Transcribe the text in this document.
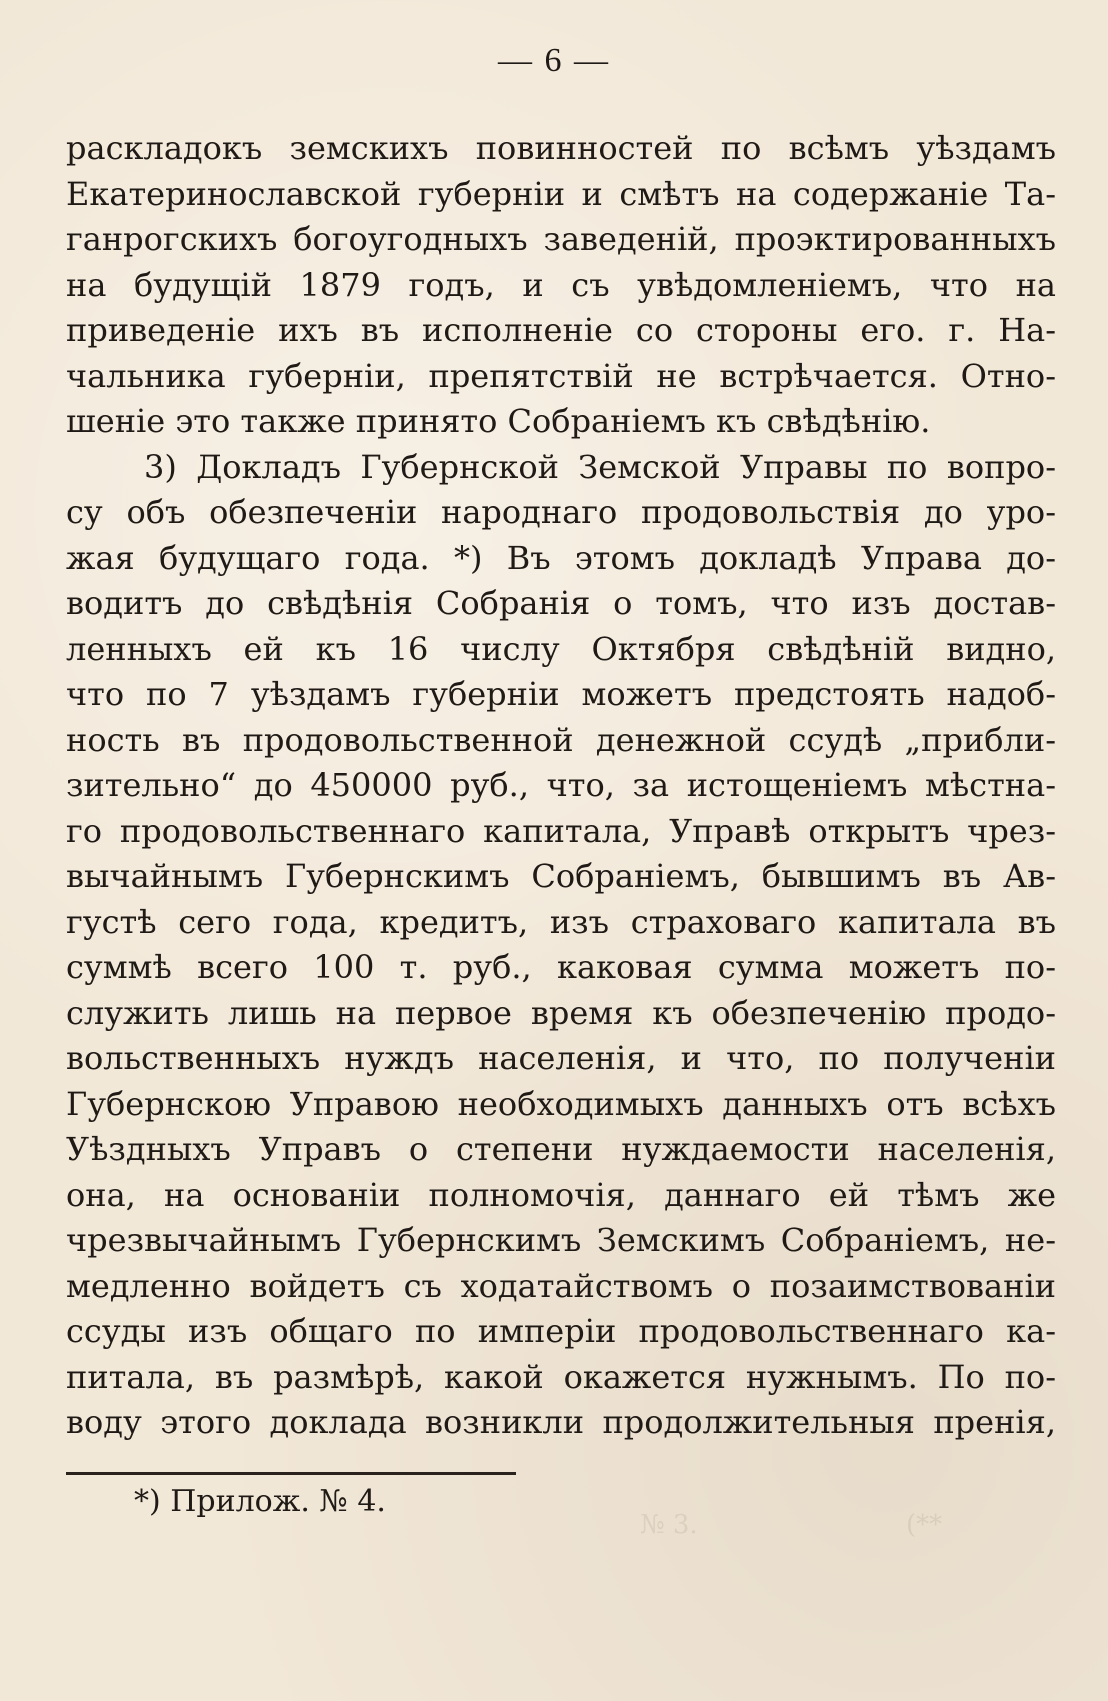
№ 3.	(**
— 6 —
раскладокъ земскихъ повинностей по всѣмъ уѣздамъ
Екатеринославской губерніи и смѣтъ на содержаніе Та-
ганрогскихъ богоугодныхъ заведеній, проэктированныхъ
на будущій 1879 годъ, и съ увѣдомленіемъ, что на
приведеніе ихъ въ исполненіе со стороны его. г. На-
чальника губерніи, препятствій не встрѣчается. Отно-
шеніе это также принято Собраніемъ къ свѣдѣнію.
3) Докладъ Губернской Земской Управы по вопро-
су объ обезпеченіи народнаго продовольствія до уро-
жая будущаго года. *) Въ этомъ докладѣ Управа до-
водитъ до свѣдѣнія Собранія о томъ, что изъ достав-
ленныхъ ей къ 16 числу Октября свѣдѣній видно,
что по 7 уѣздамъ губерніи можетъ предстоять надоб-
ность въ продовольственной денежной ссудѣ „прибли-
зительно“ до 450000 руб., что, за истощеніемъ мѣстна-
го продовольственнаго капитала, Управѣ открытъ чрез-
вычайнымъ Губернскимъ Собраніемъ, бывшимъ въ Ав-
густѣ сего года, кредитъ, изъ страховаго капитала въ
суммѣ всего 100 т. руб., каковая сумма можетъ по-
служить лишь на первое время къ обезпеченію продо-
вольственныхъ нуждъ населенія, и что, по полученіи
Губернскою Управою необходимыхъ данныхъ отъ всѣхъ
Уѣздныхъ Управъ о степени нуждаемости населенія,
она, на основаніи полномочія, даннаго ей тѣмъ же
чрезвычайнымъ Губернскимъ Земскимъ Собраніемъ, не-
медленно войдетъ съ ходатайствомъ о позаимствованіи
ссуды изъ общаго по имперіи продовольственнаго ка-
питала, въ размѣрѣ, какой окажется нужнымъ. По по-
воду этого доклада возникли продолжительныя пренія,
*) Прилож. № 4.
